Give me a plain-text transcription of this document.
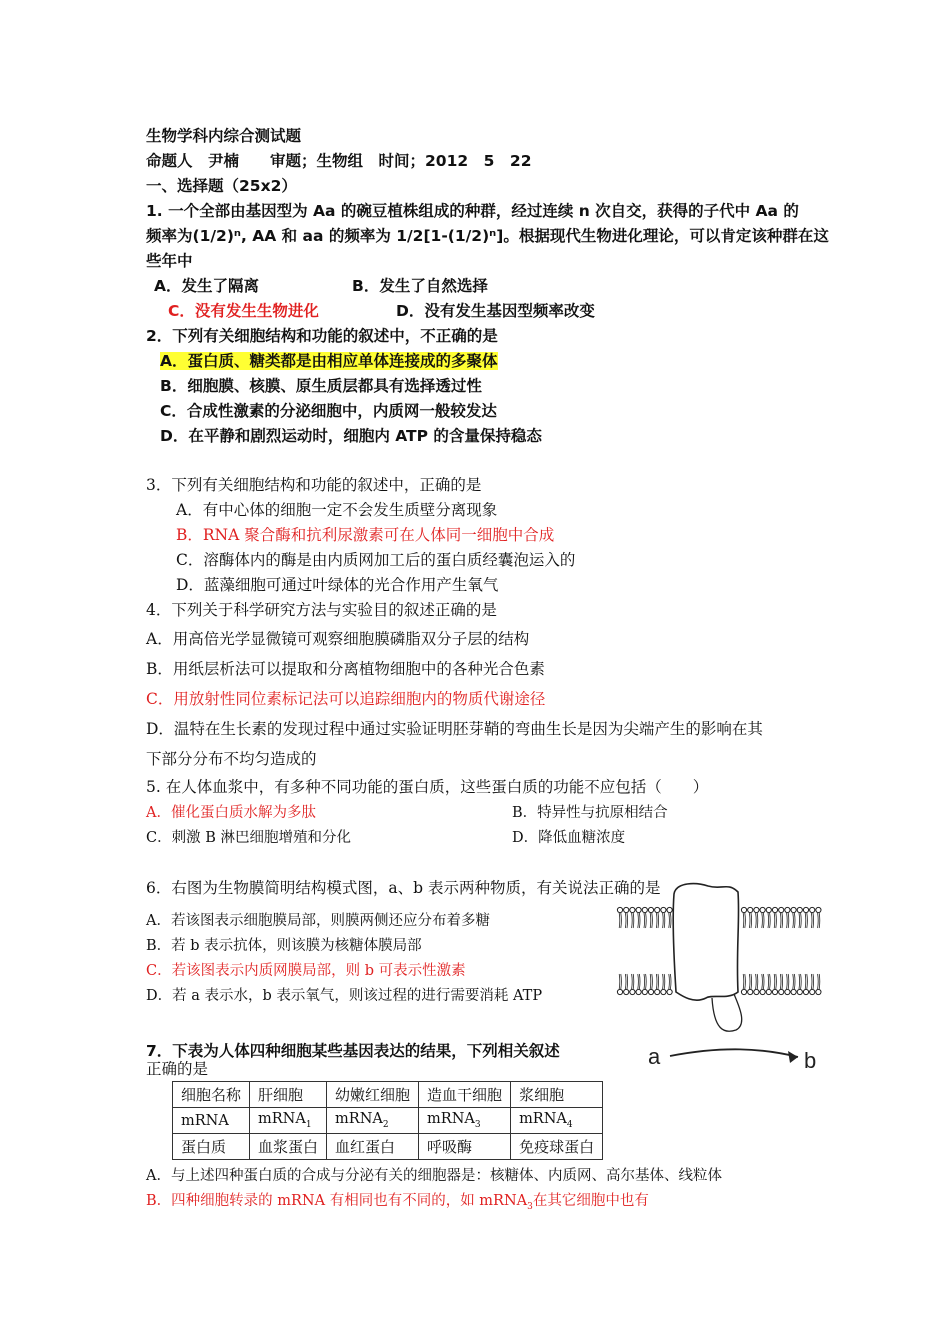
生物学科内综合测试题
命题人　尹楠　　审题；生物组　时间；2012　5　22
一、选择题（25x2）
1. 一个全部由基因型为 Aa 的碗豆植株组成的种群，经过连续 n 次自交，获得的子代中 Aa 的
频率为(1/2)ⁿ, AA 和 aa 的频率为 1/2[1-(1/2)ⁿ]。根据现代生物进化理论，可以肯定该种群在这
些年中
A．发生了隔离	B．发生了自然选择
C．没有发生生物进化	D．没有发生基因型频率改变
2．下列有关细胞结构和功能的叙述中，不正确的是
A．蛋白质、糖类都是由相应单体连接成的多聚体
B．细胞膜、核膜、原生质层都具有选择透过性
C．合成性激素的分泌细胞中，内质网一般较发达
D．在平静和剧烈运动时，细胞内 ATP 的含量保持稳态
3．下列有关细胞结构和功能的叙述中，正确的是
A．有中心体的细胞一定不会发生质壁分离现象
B．RNA 聚合酶和抗利尿激素可在人体同一细胞中合成
C．溶酶体内的酶是由内质网加工后的蛋白质经囊泡运入的
D．蓝藻细胞可通过叶绿体的光合作用产生氧气
4．下列关于科学研究方法与实验目的叙述正确的是
A．用高倍光学显微镜可观察细胞膜磷脂双分子层的结构
B．用纸层析法可以提取和分离植物细胞中的各种光合色素
C．用放射性同位素标记法可以追踪细胞内的物质代谢途径
D．温特在生长素的发现过程中通过实验证明胚芽鞘的弯曲生长是因为尖端产生的影响在其
下部分分布不均匀造成的
5. 在人体血浆中，有多种不同功能的蛋白质，这些蛋白质的功能不应包括（　　）
A．催化蛋白质水解为多肽	B．特异性与抗原相结合
C．刺激 B 淋巴细胞增殖和分化	D．降低血糖浓度
6．右图为生物膜简明结构模式图，a、b 表示两种物质，有关说法正确的是
A．若该图表示细胞膜局部，则膜两侧还应分布着多糖
B．若 b 表示抗体，则该膜为核糖体膜局部
C．若该图表示内质网膜局部，则 b 可表示性激素
D．若 a 表示水，b 表示氧气，则该过程的进行需要消耗 ATP
a	b
7．下表为人体四种细胞某些基因表达的结果，下列相关叙述
正确的是
细胞名称	肝细胞	幼嫩红细胞	造血干细胞	浆细胞
mRNA	mRNA$_1$	mRNA$_2$	mRNA$_3$	mRNA$_4$
蛋白质	血浆蛋白	血红蛋白	呼吸酶	免疫球蛋白
A．与上述四种蛋白质的合成与分泌有关的细胞器是：核糖体、内质网、高尔基体、线粒体
B．四种细胞转录的 mRNA 有相同也有不同的，如 mRNA$_3$在其它细胞中也有
